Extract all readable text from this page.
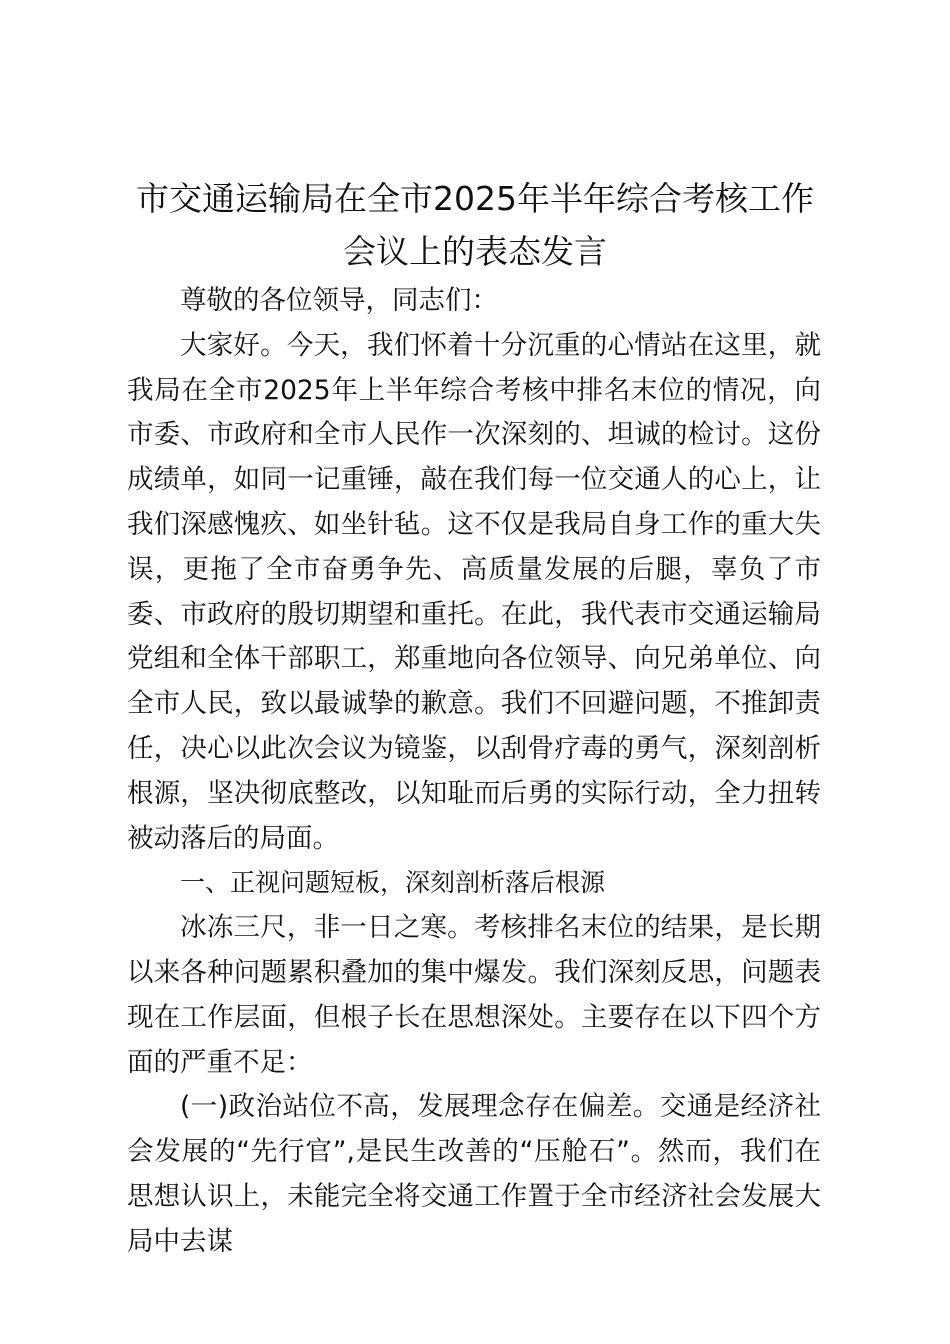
市交通运输局在全市2025年半年综合考核工作会议上的表态发言

尊敬的各位领导，同志们：

大家好。今天，我们怀着十分沉重的心情站在这里，就我局在全市2025年上半年综合考核中排名末位的情况，向市委、市政府和全市人民作一次深刻的、坦诚的检讨。这份成绩单，如同一记重锤，敲在我们每一位交通人的心上，让我们深感愧疚、如坐针毡。这不仅是我局自身工作的重大失误，更拖了全市奋勇争先、高质量发展的后腿，辜负了市委、市政府的殷切期望和重托。在此，我代表市交通运输局党组和全体干部职工，郑重地向各位领导、向兄弟单位、向全市人民，致以最诚挚的歉意。我们不回避问题，不推卸责任，决心以此次会议为镜鉴，以刮骨疗毒的勇气，深刻剖析根源，坚决彻底整改，以知耻而后勇的实际行动，全力扭转被动落后的局面。

一、正视问题短板，深刻剖析落后根源

冰冻三尺，非一日之寒。考核排名末位的结果，是长期以来各种问题累积叠加的集中爆发。我们深刻反思，问题表现在工作层面，但根子长在思想深处。主要存在以下四个方面的严重不足：

(一)政治站位不高，发展理念存在偏差。交通是经济社会发展的“先行官”,是民生改善的“压舱石”。然而，我们在思想认识上，未能完全将交通工作置于全市经济社会发展大局中去谋
